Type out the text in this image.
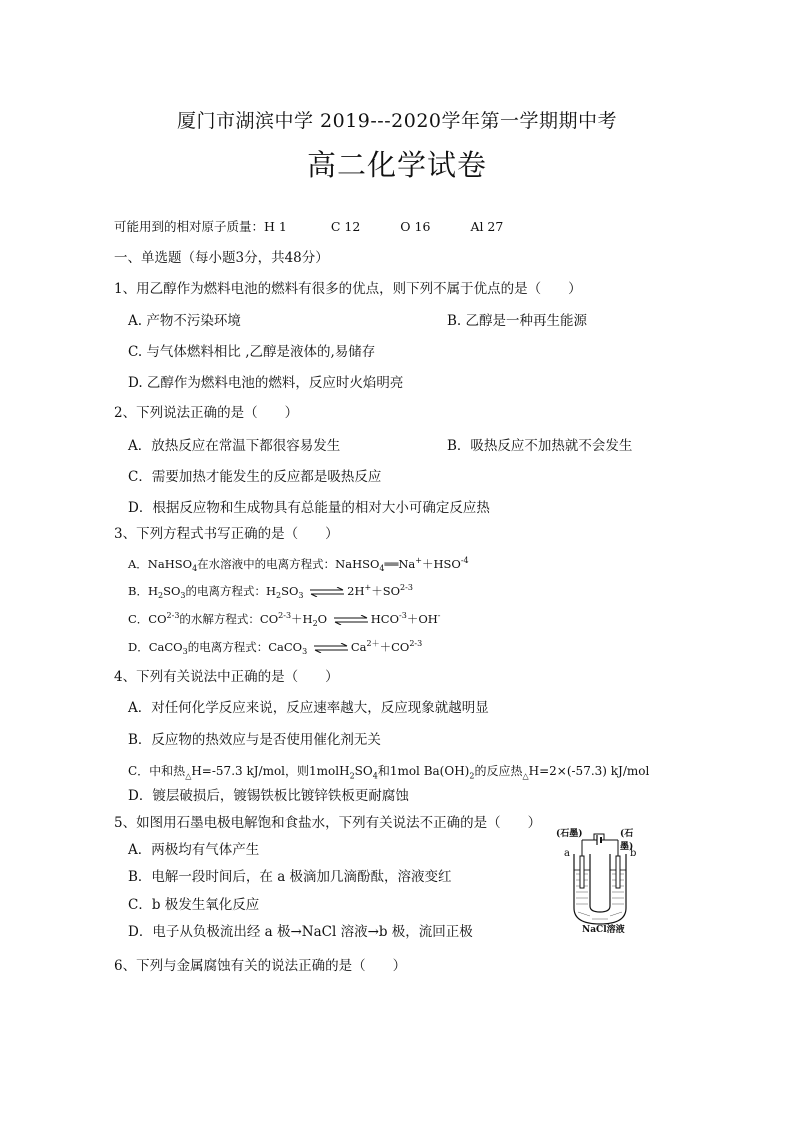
厦门市湖滨中学 2019---2020学年第一学期期中考
高二化学试卷
可能用到的相对原子质量：H 1	C 12	O 16	Al 27
一、单选题（每小题3分，共48分）
1、用乙醇作为燃料电池的燃料有很多的优点，则下列不属于优点的是（　　）
A. 产物不污染环境	B. 乙醇是一种再生能源
C. 与气体燃料相比 ,乙醇是液体的,易储存
D. 乙醇作为燃料电池的燃料，反应时火焰明亮
2、下列说法正确的是（　　）
A．放热反应在常温下都很容易发生	B．吸热反应不加热就不会发生
C．需要加热才能发生的反应都是吸热反应
D．根据反应物和生成物具有总能量的相对大小可确定反应热
3、下列方程式书写正确的是（　　）
A．NaHSO$_4$在水溶液中的电离方程式：$NaHSO_4══Na^++HSO^{-4}$
B．$H_2SO_3$的电离方程式：$H_2SO_3$ ⇌ $2H^++SO^{2-3}$
C．CO$^{2-3}$的水解方程式：$CO^{2-3}+H_2O$ ⇌ $HCO^{-3}+OH^-$
D．CaCO$_3$的电离方程式：CaCO$_3$ ⇌ $Ca^{2+}+CO^{2-3}$
4、下列有关说法中正确的是（　　）
A．对任何化学反应来说，反应速率越大，反应现象就越明显
B．反应物的热效应与是否使用催化剂无关
C．中和热$_\triangle$H=-57.3 kJ/mol，则$1molH_2SO_4$和1mol $Ba(OH)_2$的反应热$_\triangle$H=2×(-57.3) kJ/mol
D．镀层破损后，镀锡铁板比镀锌铁板更耐腐蚀
5、如图用石墨电极电解饱和食盐水，下列有关说法不正确的是（　　）
A．两极均有气体产生
B．电解一段时间后，在 a 极滴加几滴酚酞，溶液变红
C．b 极发生氧化反应
D．电子从负极流出经 a 极→NaCl 溶液→b 极，流回正极
(石墨)	(石墨)
a	b
NaCl溶液
6、下列与金属腐蚀有关的说法正确的是（　　）
